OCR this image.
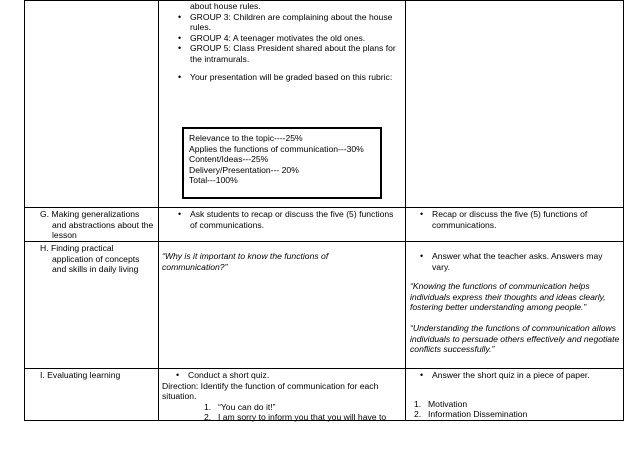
about house rules.
• GROUP 3: Children are complaining about the house rules.
• GROUP 4: A teenager motivates the old ones.
• GROUP 5: Class President shared about the plans for the intramurals.
• Your presentation will be graded based on this rubric:
Relevance to the topic----25%
Applies the functions of communication---30%
Content/Ideas---25%
Delivery/Presentation--- 20%
Total---100%
G. Making generalizations and abstractions about the lesson
• Ask students to recap or discuss the five (5) functions of communications.
• Recap or discuss the five (5) functions of communications.
H. Finding practical application of concepts and skills in daily living
“Why is it important to know the functions of communication?”
• Answer what the teacher asks. Answers may vary.
“Knowing the functions of communication helps individuals express their thoughts and ideas clearly, fostering better understanding among people.”
“Understanding the functions of communication allows individuals to persuade others effectively and negotiate conflicts successfully.”
I. Evaluating learning
•	Conduct a short quiz.
Direction: Identify the function of communication for each situation.
1. “You can do it!”
2. I am sorry to inform you that you will have to
• Answer the short quiz in a piece of paper.
1. Motivation
2. Information Dissemination
